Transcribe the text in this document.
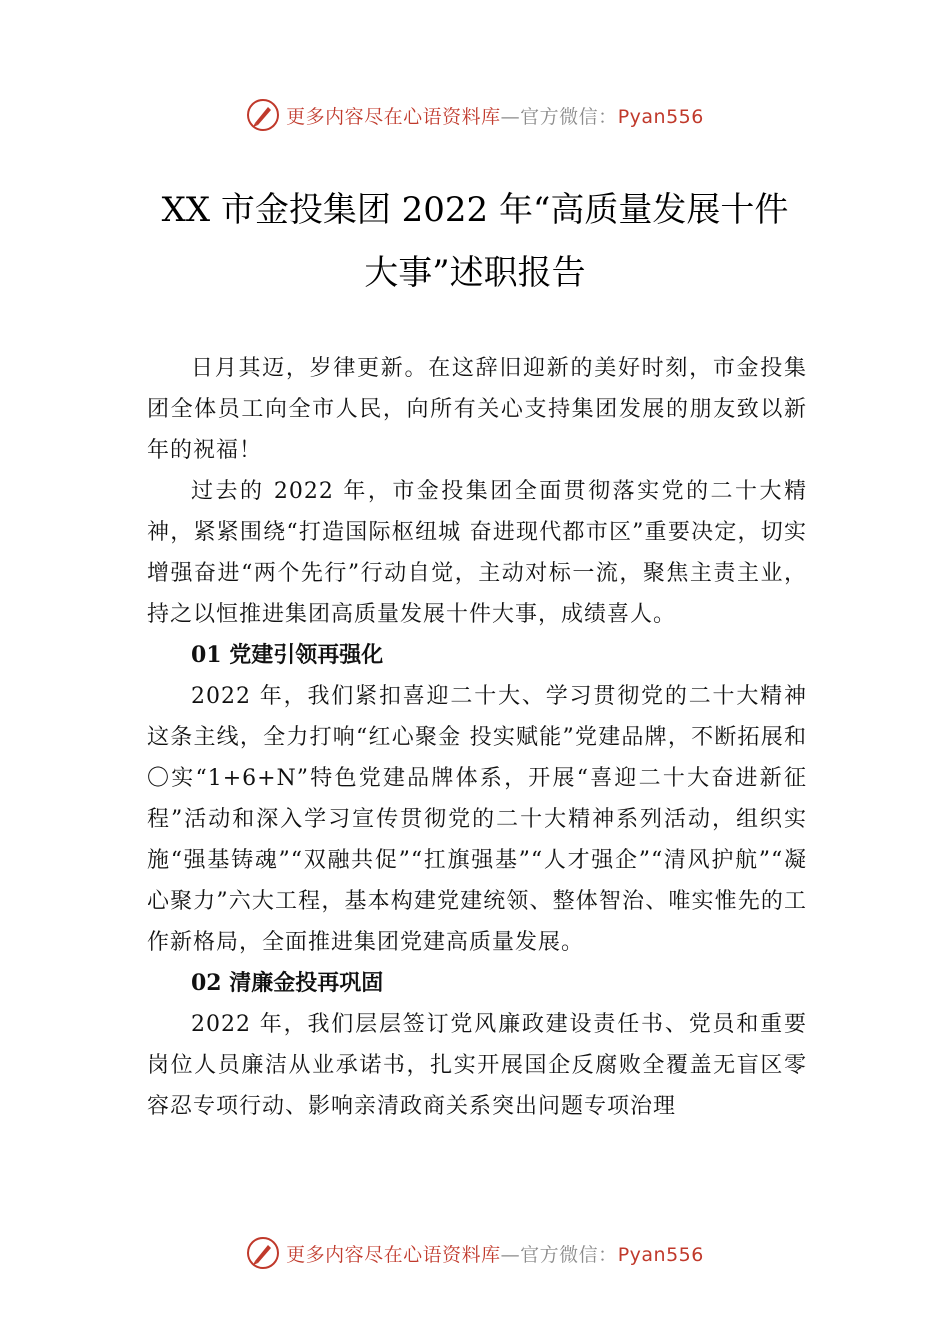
更多内容尽在心语资料库—官方微信：Pyan556
XX 市金投集团 2022 年“高质量发展十件
大事”述职报告

日月其迈，岁律更新。在这辞旧迎新的美好时刻，市金投集团全体员工向全市人民，向所有关心支持集团发展的朋友致以新年的祝福！

过去的 2022 年，市金投集团全面贯彻落实党的二十大精神，紧紧围绕“打造国际枢纽城 奋进现代都市区”重要决定，切实增强奋进“两个先行”行动自觉，主动对标一流，聚焦主责主业，持之以恒推进集团高质量发展十件大事，成绩喜人。

01 党建引领再强化

2022 年，我们紧扣喜迎二十大、学习贯彻党的二十大精神这条主线，全力打响“红心聚金 投实赋能”党建品牌，不断拓展和〇实“1+6+N”特色党建品牌体系，开展“喜迎二十大奋进新征程”活动和深入学习宣传贯彻党的二十大精神系列活动，组织实施“强基铸魂”“双融共促”“扛旗强基”“人才强企”“清风护航”“凝心聚力”六大工程，基本构建党建统领、整体智治、唯实惟先的工作新格局，全面推进集团党建高质量发展。

02 清廉金投再巩固

2022 年，我们层层签订党风廉政建设责任书、党员和重要岗位人员廉洁从业承诺书，扎实开展国企反腐败全覆盖无盲区零容忍专项行动、影响亲清政商关系突出问题专项治理

更多内容尽在心语资料库—官方微信：Pyan556
